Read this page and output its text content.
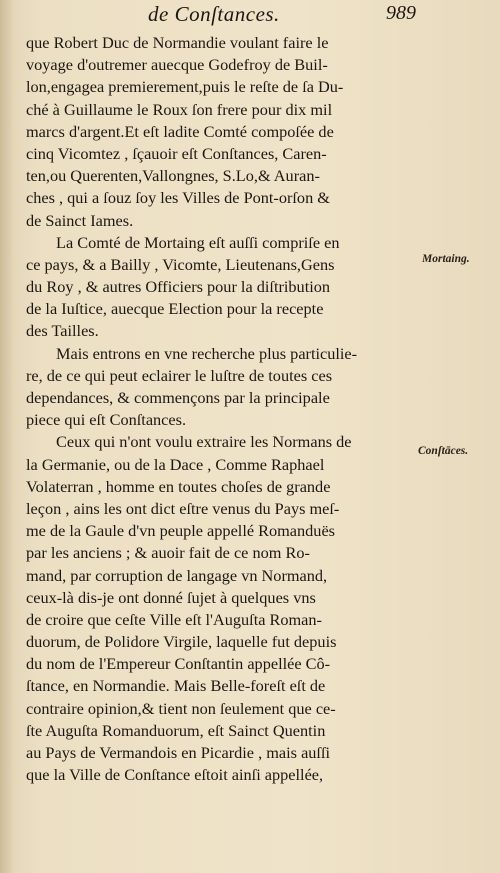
de Conſtances.	989
Mortaing.
Conſtāces.
que Robert Duc de Normandie voulant faire le
voyage d'outremer auecque Godefroy de Buil-
lon,engagea premierement,puis le reſte de ſa Du-
ché à Guillaume le Roux ſon frere pour dix mil
marcs d'argent.Et eſt ladite Comté compoſée de
cinq Vicomtez , ſçauoir eſt Conſtances, Caren-
ten,ou Querenten,Vallongnes, S.Lo,& Auran-
ches , qui a ſouz ſoy les Villes de Pont-orſon &
de Sainct Iames.
La Comté de Mortaing eſt auſſi compriſe en
ce pays, & a Bailly , Vicomte, Lieutenans,Gens
du Roy , & autres Officiers pour la diſtribution
de la Iuſtice, auecque Election pour la recepte
des Tailles.
Mais entrons en vne recherche plus particulie-
re, de ce qui peut eclairer le luſtre de toutes ces
dependances, & commençons par la principale
piece qui eſt Conſtances.
Ceux qui n'ont voulu extraire les Normans de
la Germanie, ou de la Dace , Comme Raphael
Volaterran , homme en toutes choſes de grande
leçon , ains les ont dict eſtre venus du Pays meſ-
me de la Gaule d'vn peuple appellé Romanduës
par les anciens ; & auoir fait de ce nom Ro-
mand, par corruption de langage vn Normand,
ceux-là dis-je ont donné ſujet à quelques vns
de croire que ceſte Ville eſt l'Auguſta Roman-
duorum, de Polidore Virgile, laquelle fut depuis
du nom de l'Empereur Conſtantin appellée Cô-
ſtance, en Normandie. Mais Belle-foreſt eſt de
contraire opinion,& tient non ſeulement que ce-
ſte Auguſta Romanduorum, eſt Sainct Quentin
au Pays de Vermandois en Picardie , mais auſſi
que la Ville de Conſtance eſtoit ainſi appellée,
